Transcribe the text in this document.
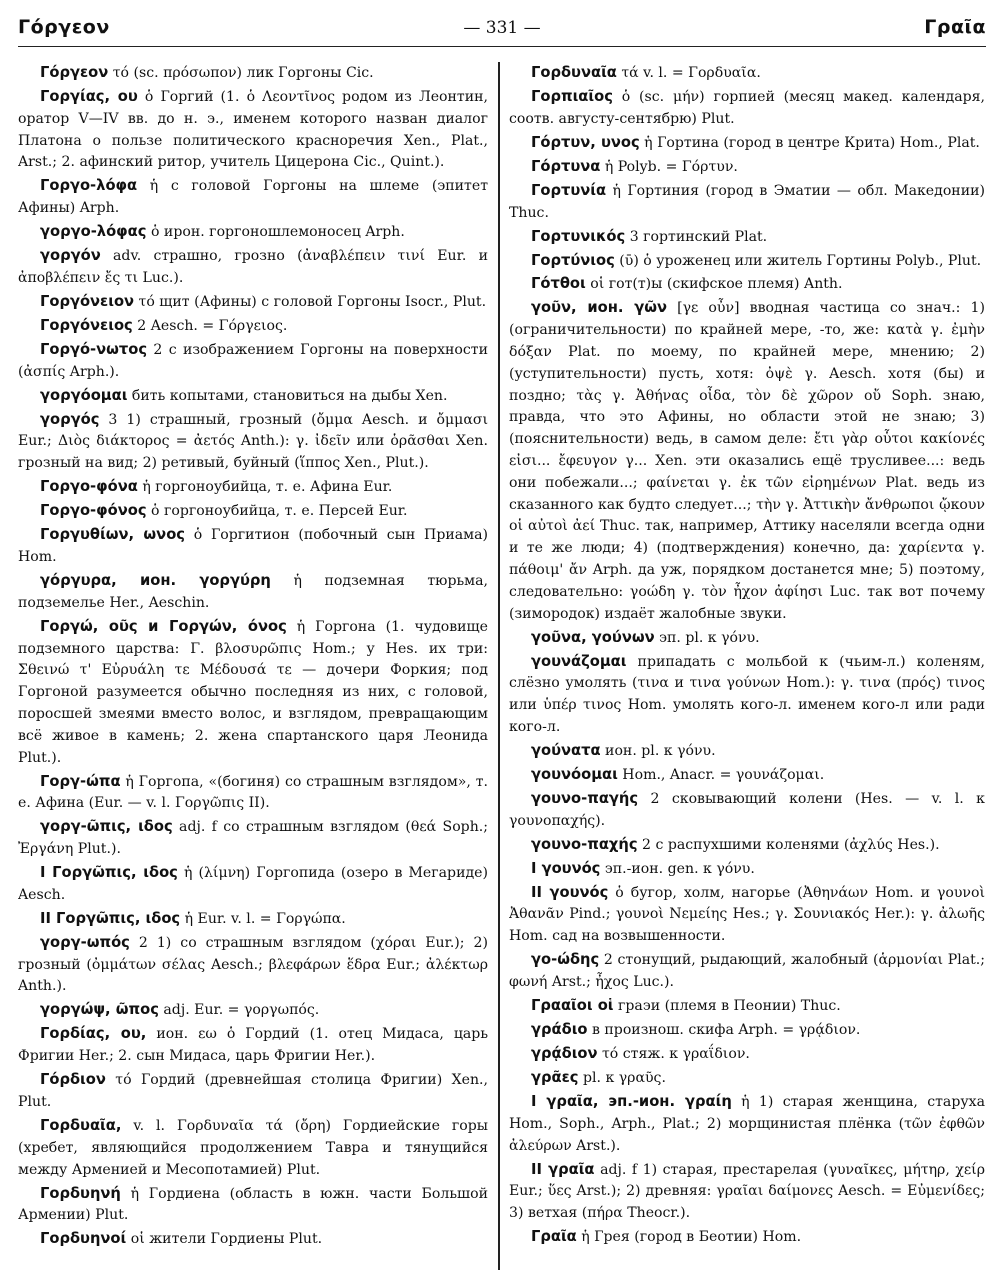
Γόργεον	— 331 —	Γραῖα

Γόργεον τό (sc. πρόσωπον) лик Горгоны Cic.

Γοργίας, ου ὁ Горгий (1. ὁ Λεοντῖνος родом из Леонтин, оратор V—IV вв. до н. э., именем которого назван диалог Платона о пользе политического красноречия Xen., Plat., Arst.; 2. афинский ритор, учитель Цицерона Cic., Quint.).

Γοργο-λόφα ἡ с головой Горгоны на шлеме (эпитет Афины) Arph.

γοργο-λόφας ὁ ирон. горгоношлемоносец Arph.

γοργόν adv. страшно, грозно (ἀναβλέπειν τινί Eur. и ἀποβλέπειν ἔς τι Luc.).

Γοργόνειον τό щит (Афины) с головой Горгоны Isocr., Plut.

Γοργόνειος 2 Aesch. = Γόργειος.

Γοργό-νωτος 2 с изображением Горгоны на поверхности (ἀσπίς Arph.).

γοργόομαι бить копытами, становиться на дыбы Xen.

γοργός 3 1) страшный, грозный (ὄμμα Aesch. и ὄμμασι Eur.; Διὸς διάκτορος = ἀετός Anth.): γ. ἰδεῖν или ὁρᾶσθαι Xen. грозный на вид; 2) ретивый, буйный (ἵππος Xen., Plut.).

Γοργο-φόνα ἡ горгоноубийца, т. е. Афина Eur.

Γοργο-φόνος ὁ горгоноубийца, т. е. Персей Eur.

Γοργυθίων, ωνος ὁ Горгитион (побочный сын Приама) Hom.

γόργυρα, ион. γοργύρη ἡ подземная тюрьма, подземелье Her., Aeschin.

Γοργώ, οῦς и Γοργών, όνος ἡ Горгона (1. чудовище подземного царства: Γ. βλοσυρῶπις Hom.; у Hes. их три: Σθεινώ τ' Εὐρυάλη τε Μέδουσά τε — дочери Форкия; под Горгоной разумеется обычно последняя из них, с головой, поросшей змеями вместо волос, и взглядом, превращающим всё живое в камень; 2. жена спартанского царя Леонида Plut.).

Γοργ-ώπα ἡ Горгопа, «(богиня) со страшным взглядом», т. е. Афина (Eur. — v. l. Γοργῶπις II).

γοργ-ῶπις, ιδος adj. f со страшным взглядом (θεά Soph.; Ἐργάνη Plut.).

I Γοργῶπις, ιδος ἡ (λίμνη) Горгопида (озеро в Мегариде) Aesch.

II Γοργῶπις, ιδος ἡ Eur. v. l. = Γοργώπα.

γοργ-ωπός 2 1) со страшным взглядом (χόραι Eur.); 2) грозный (ὀμμάτων σέλας Aesch.; βλεφάρων ἕδρα Eur.; ἀλέκτωρ Anth.).

γοργώψ, ῶπος adj. Eur. = γοργωπός.

Γορδίας, ου, ион. εω ὁ Гордий (1. отец Мидаса, царь Фригии Her.; 2. сын Мидаса, царь Фригии Her.).

Γόρδιον τό Гордий (древнейшая столица Фригии) Xen., Plut.

Γορδυαῖα, v. l. Γορδυναῖα τά (ὄρη) Гордиейские горы (хребет, являющийся продолжением Тавра и тянущийся между Арменией и Месопотамией) Plut.

Γορδυηνή ἡ Гордиена (область в южн. части Большой Армении) Plut.

Γορδυηνοί οἱ жители Гордиены Plut.

Γορδυναῖα τά v. l. = Γορδυαῖα.

Γορπιαῖος ὁ (sc. μήν) горпией (месяц макед. календаря, соотв. августу-сентябрю) Plut.

Γόρτυν, υνος ἡ Гортина (город в центре Крита) Hom., Plat.

Γόρτυνα ἡ Polyb. = Γόρτυν.

Γορτυνία ἡ Гортиния (город в Эматии — обл. Македонии) Thuc.

Γορτυνικός 3 гортинский Plat.

Γορτύνιος (ῡ) ὁ уроженец или житель Гортины Polyb., Plut.

Γότθοι οἱ гот(т)ы (скифское племя) Anth.

γοῦν, ион. γῶν [γε οὖν] вводная частица со знач.: 1) (ограничительности) по крайней мере, -то, же: κατὰ γ. ἐμὴν δόξαν Plat. по моему, по крайней мере, мнению; 2) (уступительности) пусть, хотя: ὀψὲ γ. Aesch. хотя (бы) и поздно; τὰς γ. Ἀθήνας οἶδα, τὸν δὲ χῶρον οὔ Soph. знаю, правда, что это Афины, но области этой не знаю; 3) (пояснительности) ведь, в самом деле: ἔτι γὰρ οὗτοι κακίονές εἰσι... ἔφευγον γ... Xen. эти оказались ещё трусливее...: ведь они побежали...; φαίνεται γ. ἐκ τῶν εἰρημένων Plat. ведь из сказанного как будто следует...; τὴν γ. Ἀττικὴν ἄνθρωποι ᾤκουν οἱ αὐτοὶ ἀεί Thuc. так, например, Аттику населяли всегда одни и те же люди; 4) (подтверждения) конечно, да: χαρίεντα γ. πάθοιμ' ἄν Arph. да уж, порядком достанется мне; 5) поэтому, следовательно: γοώδη γ. τὸν ἦχον ἀφίησι Luc. так вот почему (зимородок) издаёт жалобные звуки.

γοῦνα, γούνων эп. pl. к γόνυ.

γουνάζομαι припадать с мольбой к (чьим-л.) коленям, слёзно умолять (τινα и τινα γούνων Hom.): γ. τινα (πρός) τινος или ὑπέρ τινος Hom. умолять кого-л. именем кого-л или ради кого-л.

γούνατα ион. pl. к γόνυ.

γουνόομαι Hom., Anacr. = γουνάζομαι.

γουνο-παγής 2 сковывающий колени (Hes. — v. l. к γουνοπαχής).

γουνο-παχής 2 с распухшими коленями (ἀχλύς Hes.).

I γουνός эп.-ион. gen. к γόνυ.

II γουνός ὁ бугор, холм, нагорье (Ἀθηνάων Hom. и γουνοὶ Ἀθανᾶν Pind.; γουνοὶ Νεμείης Hes.; γ. Σουνιακός Her.): γ. ἀλωῆς Hom. сад на возвышенности.

γο-ώδης 2 стонущий, рыдающий, жалобный (ἁρμονίαι Plat.; φωνή Arst.; ἦχος Luc.).

Γρααῖοι οἱ граэи (племя в Пеонии) Thuc.

γράδιο в произнош. скифа Arph. = γρᾴδιον.

γρᾴδιον τό стяж. к γραΐδιον.

γρᾶες pl. к γραῦς.

I γραῖα, эп.-ион. γραίη ἡ 1) старая женщина, старуха Hom., Soph., Arph., Plat.; 2) морщинистая плёнка (τῶν ἐφθῶν ἀλεύρων Arst.).

II γραῖα adj. f 1) старая, престарелая (γυναῖκες, μήτηρ, χείρ Eur.; ὕες Arst.); 2) древняя: γραῖαι δαίμονες Aesch. = Εὐμενίδες; 3) ветхая (πήρα Theocr.).

Γραῖα ἡ Грея (город в Беотии) Hom.
